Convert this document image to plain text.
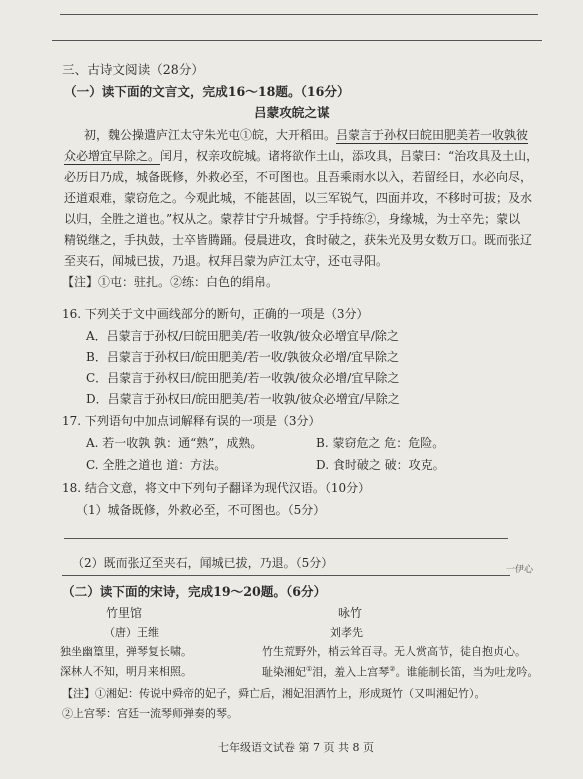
三、古诗文阅读（28分）
（一）读下面的文言文，完成16～18题。（16分）
吕蒙攻皖之谋
初，魏公操遣庐江太守朱光屯①皖，大开稻田。吕蒙言于孙权曰皖田肥美若一收孰彼
众必增宜早除之。闰月，权亲攻皖城。诸将欲作土山，添攻具，吕蒙曰：“治攻具及土山，
必历日乃成，城备既修，外救必至，不可图也。且吾乘雨水以入，若留经日，水必向尽，
还道艰难，蒙窃危之。今观此城，不能甚固，以三军锐气，四面并攻，不移时可拔；及水
以归，全胜之道也。”权从之。蒙荐甘宁升城督。宁手持练②，身缘城，为士卒先；蒙以
精锐继之，手执鼓，士卒皆腾踊。侵晨进攻，食时破之，获朱光及男女数万口。既而张辽
至夹石，闻城已拔，乃退。权拜吕蒙为庐江太守，还屯寻阳。
【注】①屯：驻扎。②练：白色的绢帛。
16. 下列关于文中画线部分的断句，正确的一项是（3分）
A．吕蒙言于孙权/曰皖田肥美/若一收孰/彼众必增宜早/除之
B．吕蒙言于孙权曰/皖田肥美/若一收/孰彼众必增/宜早除之
C．吕蒙言于孙权曰/皖田肥美/若一收孰/彼众必增/宜早除之
D．吕蒙言于孙权曰/皖田肥美/若一收孰/彼众必增宜/早除之
17. 下列语句中加点词解释有误的一项是（3分）
A. 若一收孰 孰：通“熟”，成熟。	B. 蒙窃危之 危：危险。
C. 全胜之道也 道：方法。	D. 食时破之 破：攻克。
18. 结合文意，将文中下列句子翻译为现代汉语。（10分）
（1）城备既修，外救必至，不可图也。（5分）
（2）既而张辽至夹石，闻城已拔，乃退。（5分）	一伊心
（二）读下面的宋诗，完成19～20题。（6分）
竹里馆	咏竹
（唐）王维	刘孝先
独坐幽篁里，弹琴复长啸。	竹生荒野外，梢云耸百寻。无人赏高节，徒自抱贞心。
深林人不知，明月来相照。	耻染湘妃①泪，羞入上宫琴②。谁能制长笛，当为吐龙吟。
【注】①湘妃：传说中舜帝的妃子，舜亡后，湘妃泪洒竹上，形成斑竹（又叫湘妃竹）。
②上宫琴：宫廷一流琴师弹奏的琴。
七年级语文试卷 第 7 页 共 8 页
